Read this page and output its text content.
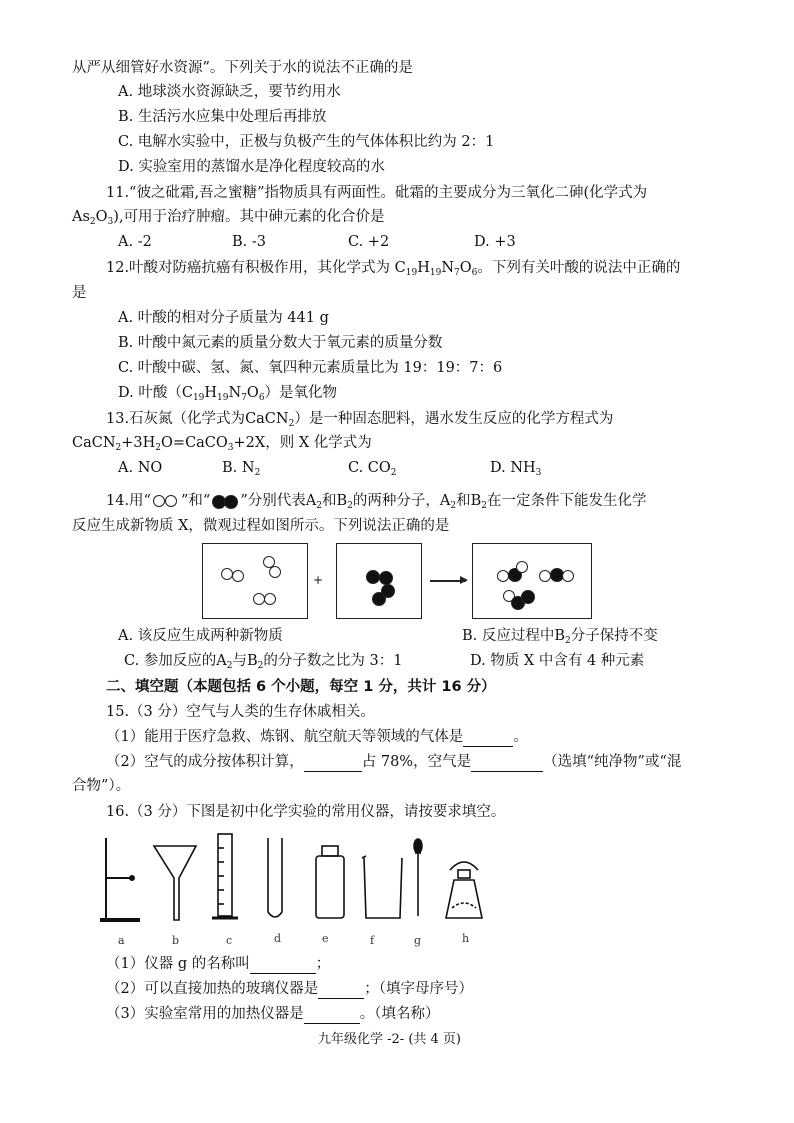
从严从细管好水资源”。下列关于水的说法不正确的是
A. 地球淡水资源缺乏，要节约用水
B. 生活污水应集中处理后再排放
C. 电解水实验中，正极与负极产生的气体体积比约为 2：1
D. 实验室用的蒸馏水是净化程度较高的水
11.“彼之砒霜,吾之蜜糖”指物质具有两面性。砒霜的主要成分为三氧化二砷(化学式为
$As_2O_3$),可用于治疗肿瘤。其中砷元素的化合价是
A. -2	B. -3	C. +2	D. +3
12.叶酸对防癌抗癌有积极作用，其化学式为 $C_{19}H_{19}N_7O_6$。下列有关叶酸的说法中正确的
是
A. 叶酸的相对分子质量为 441 g
B. 叶酸中氮元素的质量分数大于氧元素的质量分数
C. 叶酸中碳、氢、氮、氧四种元素质量比为 19：19：7：6
D. 叶酸$(C_{19}H_{19}N_7O_6)$是氧化物
13.石灰氮（化学式为CaCN$_2$）是一种固态肥料，遇水发生反应的化学方程式为
$CaCN_2+3H_2O=CaCO_3+2X$，则 X 化学式为
A. NO	B. $N_2$	C. $CO_2$	D. $NH_3$
14.用“ ”和“ ”分别代表$A_2$和$B_2$的两种分子，$A_2$和$B_2$在一定条件下能发生化学
反应生成新物质 X，微观过程如图所示。下列说法正确的是
+
A. 该反应生成两种新物质	B. 反应过程中$B_2$分子保持不变
C. 参加反应的$A_2$与$B_2$的分子数之比为 3：1	D. 物质 X 中含有 4 种元素
二、填空题（本题包括 6 个小题，每空 1 分，共计 16 分）
15.（3 分）空气与人类的生存休戚相关。
（1）能用于医疗急救、炼钢、航空航天等领域的气体是	。
（2）空气的成分按体积计算，	占 78%，空气是	（选填“纯净物”或“混
合物”）。
16.（3 分）下图是初中化学实验的常用仪器，请按要求填空。
a	b	c	d	e	f	g	h
（1）仪器 g 的名称叫	；
（2）可以直接加热的玻璃仪器是	；（填字母序号）
（3）实验室常用的加热仪器是	。（填名称）
九年级化学 -2- (共 4 页)
